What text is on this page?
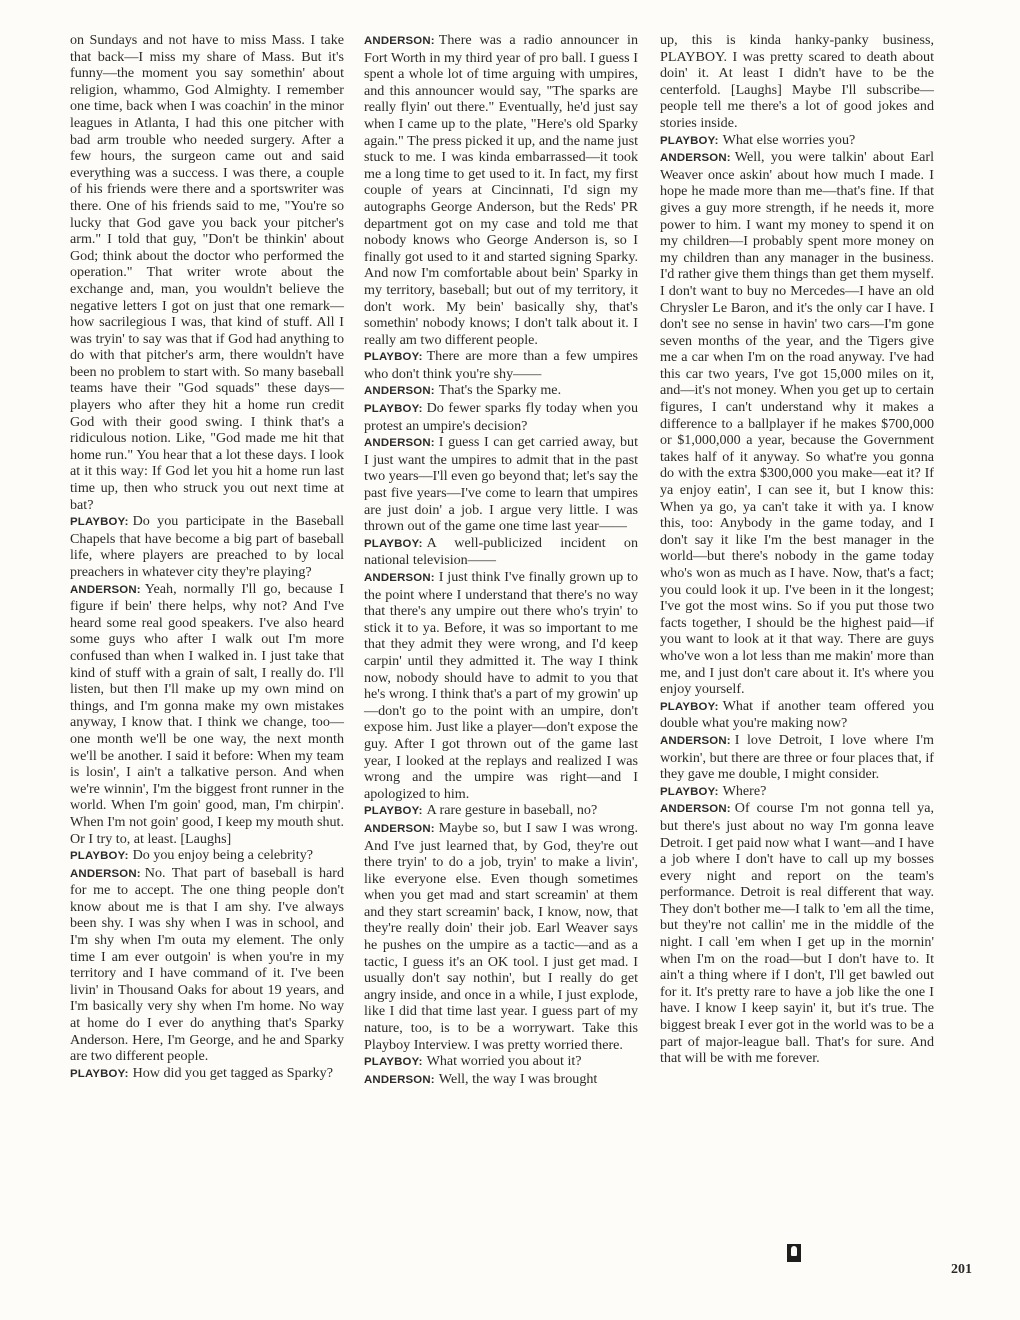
on Sundays and not have to miss Mass. I take that back—I miss my share of Mass. But it's funny—the moment you say somethin' about religion, whammo, God Almighty. I remember one time, back when I was coachin' in the minor leagues in Atlanta, I had this one pitcher with bad arm trouble who needed surgery. After a few hours, the surgeon came out and said everything was a success. I was there, a couple of his friends were there and a sportswriter was there. One of his friends said to me, "You're so lucky that God gave you back your pitcher's arm." I told that guy, "Don't be thinkin' about God; think about the doctor who performed the operation." That writer wrote about the exchange and, man, you wouldn't believe the negative letters I got on just that one remark—how sacrilegious I was, that kind of stuff. All I was tryin' to say was that if God had anything to do with that pitcher's arm, there wouldn't have been no problem to start with. So many baseball teams have their "God squads" these days—players who after they hit a home run credit God with their good swing. I think that's a ridiculous notion. Like, "God made me hit that home run." You hear that a lot these days. I look at it this way: If God let you hit a home run last time up, then who struck you out next time at bat?

PLAYBOY: Do you participate in the Baseball Chapels that have become a big part of baseball life, where players are preached to by local preachers in whatever city they're playing?

ANDERSON: Yeah, normally I'll go, because I figure if bein' there helps, why not? And I've heard some real good speakers. I've also heard some guys who after I walk out I'm more confused than when I walked in. I just take that kind of stuff with a grain of salt, I really do. I'll listen, but then I'll make up my own mind on things, and I'm gonna make my own mistakes anyway, I know that. I think we change, too—one month we'll be one way, the next month we'll be another. I said it before: When my team is losin', I ain't a talkative person. And when we're winnin', I'm the biggest front runner in the world. When I'm goin' good, man, I'm chirpin'. When I'm not goin' good, I keep my mouth shut. Or I try to, at least. [Laughs]

PLAYBOY: Do you enjoy being a celebrity?

ANDERSON: No. That part of baseball is hard for me to accept. The one thing people don't know about me is that I am shy. I've always been shy. I was shy when I was in school, and I'm shy when I'm outa my element. The only time I am ever outgoin' is when you're in my territory and I have command of it. I've been livin' in Thousand Oaks for about 19 years, and I'm basically very shy when I'm home. No way at home do I ever do anything that's Sparky Anderson. Here, I'm George, and he and Sparky are two different people.

PLAYBOY: How did you get tagged as Sparky?

ANDERSON: There was a radio announcer in Fort Worth in my third year of pro ball. I guess I spent a whole lot of time arguing with umpires, and this announcer would say, "The sparks are really flyin' out there." Eventually, he'd just say when I came up to the plate, "Here's old Sparky again." The press picked it up, and the name just stuck to me. I was kinda embarrassed—it took me a long time to get used to it. In fact, my first couple of years at Cincinnati, I'd sign my autographs George Anderson, but the Reds' PR department got on my case and told me that nobody knows who George Anderson is, so I finally got used to it and started signing Sparky. And now I'm comfortable about bein' Sparky in my territory, baseball; but out of my territory, it don't work. My bein' basically shy, that's somethin' nobody knows; I don't talk about it. I really am two different people.

PLAYBOY: There are more than a few umpires who don't think you're shy——

ANDERSON: That's the Sparky me.

PLAYBOY: Do fewer sparks fly today when you protest an umpire's decision?

ANDERSON: I guess I can get carried away, but I just want the umpires to admit that in the past two years—I'll even go beyond that; let's say the past five years—I've come to learn that umpires are just doin' a job. I argue very little. I was thrown out of the game one time last year——

PLAYBOY: A well-publicized incident on national television——

ANDERSON: I just think I've finally grown up to the point where I understand that there's no way that there's any umpire out there who's tryin' to stick it to ya. Before, it was so important to me that they admit they were wrong, and I'd keep carpin' until they admitted it. The way I think now, nobody should have to admit to you that he's wrong. I think that's a part of my growin' up—don't go to the point with an umpire, don't expose him. Just like a player—don't expose the guy. After I got thrown out of the game last year, I looked at the replays and realized I was wrong and the umpire was right—and I apologized to him.

PLAYBOY: A rare gesture in baseball, no?

ANDERSON: Maybe so, but I saw I was wrong. And I've just learned that, by God, they're out there tryin' to do a job, tryin' to make a livin', like everyone else. Even though sometimes when you get mad and start screamin' at them and they start screamin' back, I know, now, that they're really doin' their job. Earl Weaver says he pushes on the umpire as a tactic—and as a tactic, I guess it's an OK tool. I just get mad. I usually don't say nothin', but I really do get angry inside, and once in a while, I just explode, like I did that time last year. I guess part of my nature, too, is to be a worrywart. Take this Playboy Interview. I was pretty worried there.

PLAYBOY: What worried you about it?

ANDERSON: Well, the way I was brought

up, this is kinda hanky-panky business, PLAYBOY. I was pretty scared to death about doin' it. At least I didn't have to be the centerfold. [Laughs] Maybe I'll subscribe—people tell me there's a lot of good jokes and stories inside.

PLAYBOY: What else worries you?

ANDERSON: Well, you were talkin' about Earl Weaver once askin' about how much I made. I hope he made more than me—that's fine. If that gives a guy more strength, if he needs it, more power to him. I want my money to spend it on my children—I probably spent more money on my children than any manager in the business. I'd rather give them things than get them myself. I don't want to buy no Mercedes—I have an old Chrysler Le Baron, and it's the only car I have. I don't see no sense in havin' two cars—I'm gone seven months of the year, and the Tigers give me a car when I'm on the road anyway. I've had this car two years, I've got 15,000 miles on it, and—it's not money. When you get up to certain figures, I can't understand why it makes a difference to a ballplayer if he makes $700,000 or $1,000,000 a year, because the Government takes half of it anyway. So what're you gonna do with the extra $300,000 you make—eat it? If ya enjoy eatin', I can see it, but I know this: When ya go, ya can't take it with ya. I know this, too: Anybody in the game today, and I don't say it like I'm the best manager in the world—but there's nobody in the game today who's won as much as I have. Now, that's a fact; you could look it up. I've been in it the longest; I've got the most wins. So if you put those two facts together, I should be the highest paid—if you want to look at it that way. There are guys who've won a lot less than me makin' more than me, and I just don't care about it. It's where you enjoy yourself.

PLAYBOY: What if another team offered you double what you're making now?

ANDERSON: I love Detroit, I love where I'm workin', but there are three or four places that, if they gave me double, I might consider.

PLAYBOY: Where?

ANDERSON: Of course I'm not gonna tell ya, but there's just about no way I'm gonna leave Detroit. I get paid now what I want—and I have a job where I don't have to call up my bosses every night and report on the team's performance. Detroit is real different that way. They don't bother me—I talk to 'em all the time, but they're not callin' me in the middle of the night. I call 'em when I get up in the mornin' when I'm on the road—but I don't have to. It ain't a thing where if I don't, I'll get bawled out for it. It's pretty rare to have a job like the one I have. I know I keep sayin' it, but it's true. The biggest break I ever got in the world was to be a part of major-league ball. That's for sure. And that will be with me forever.

201
